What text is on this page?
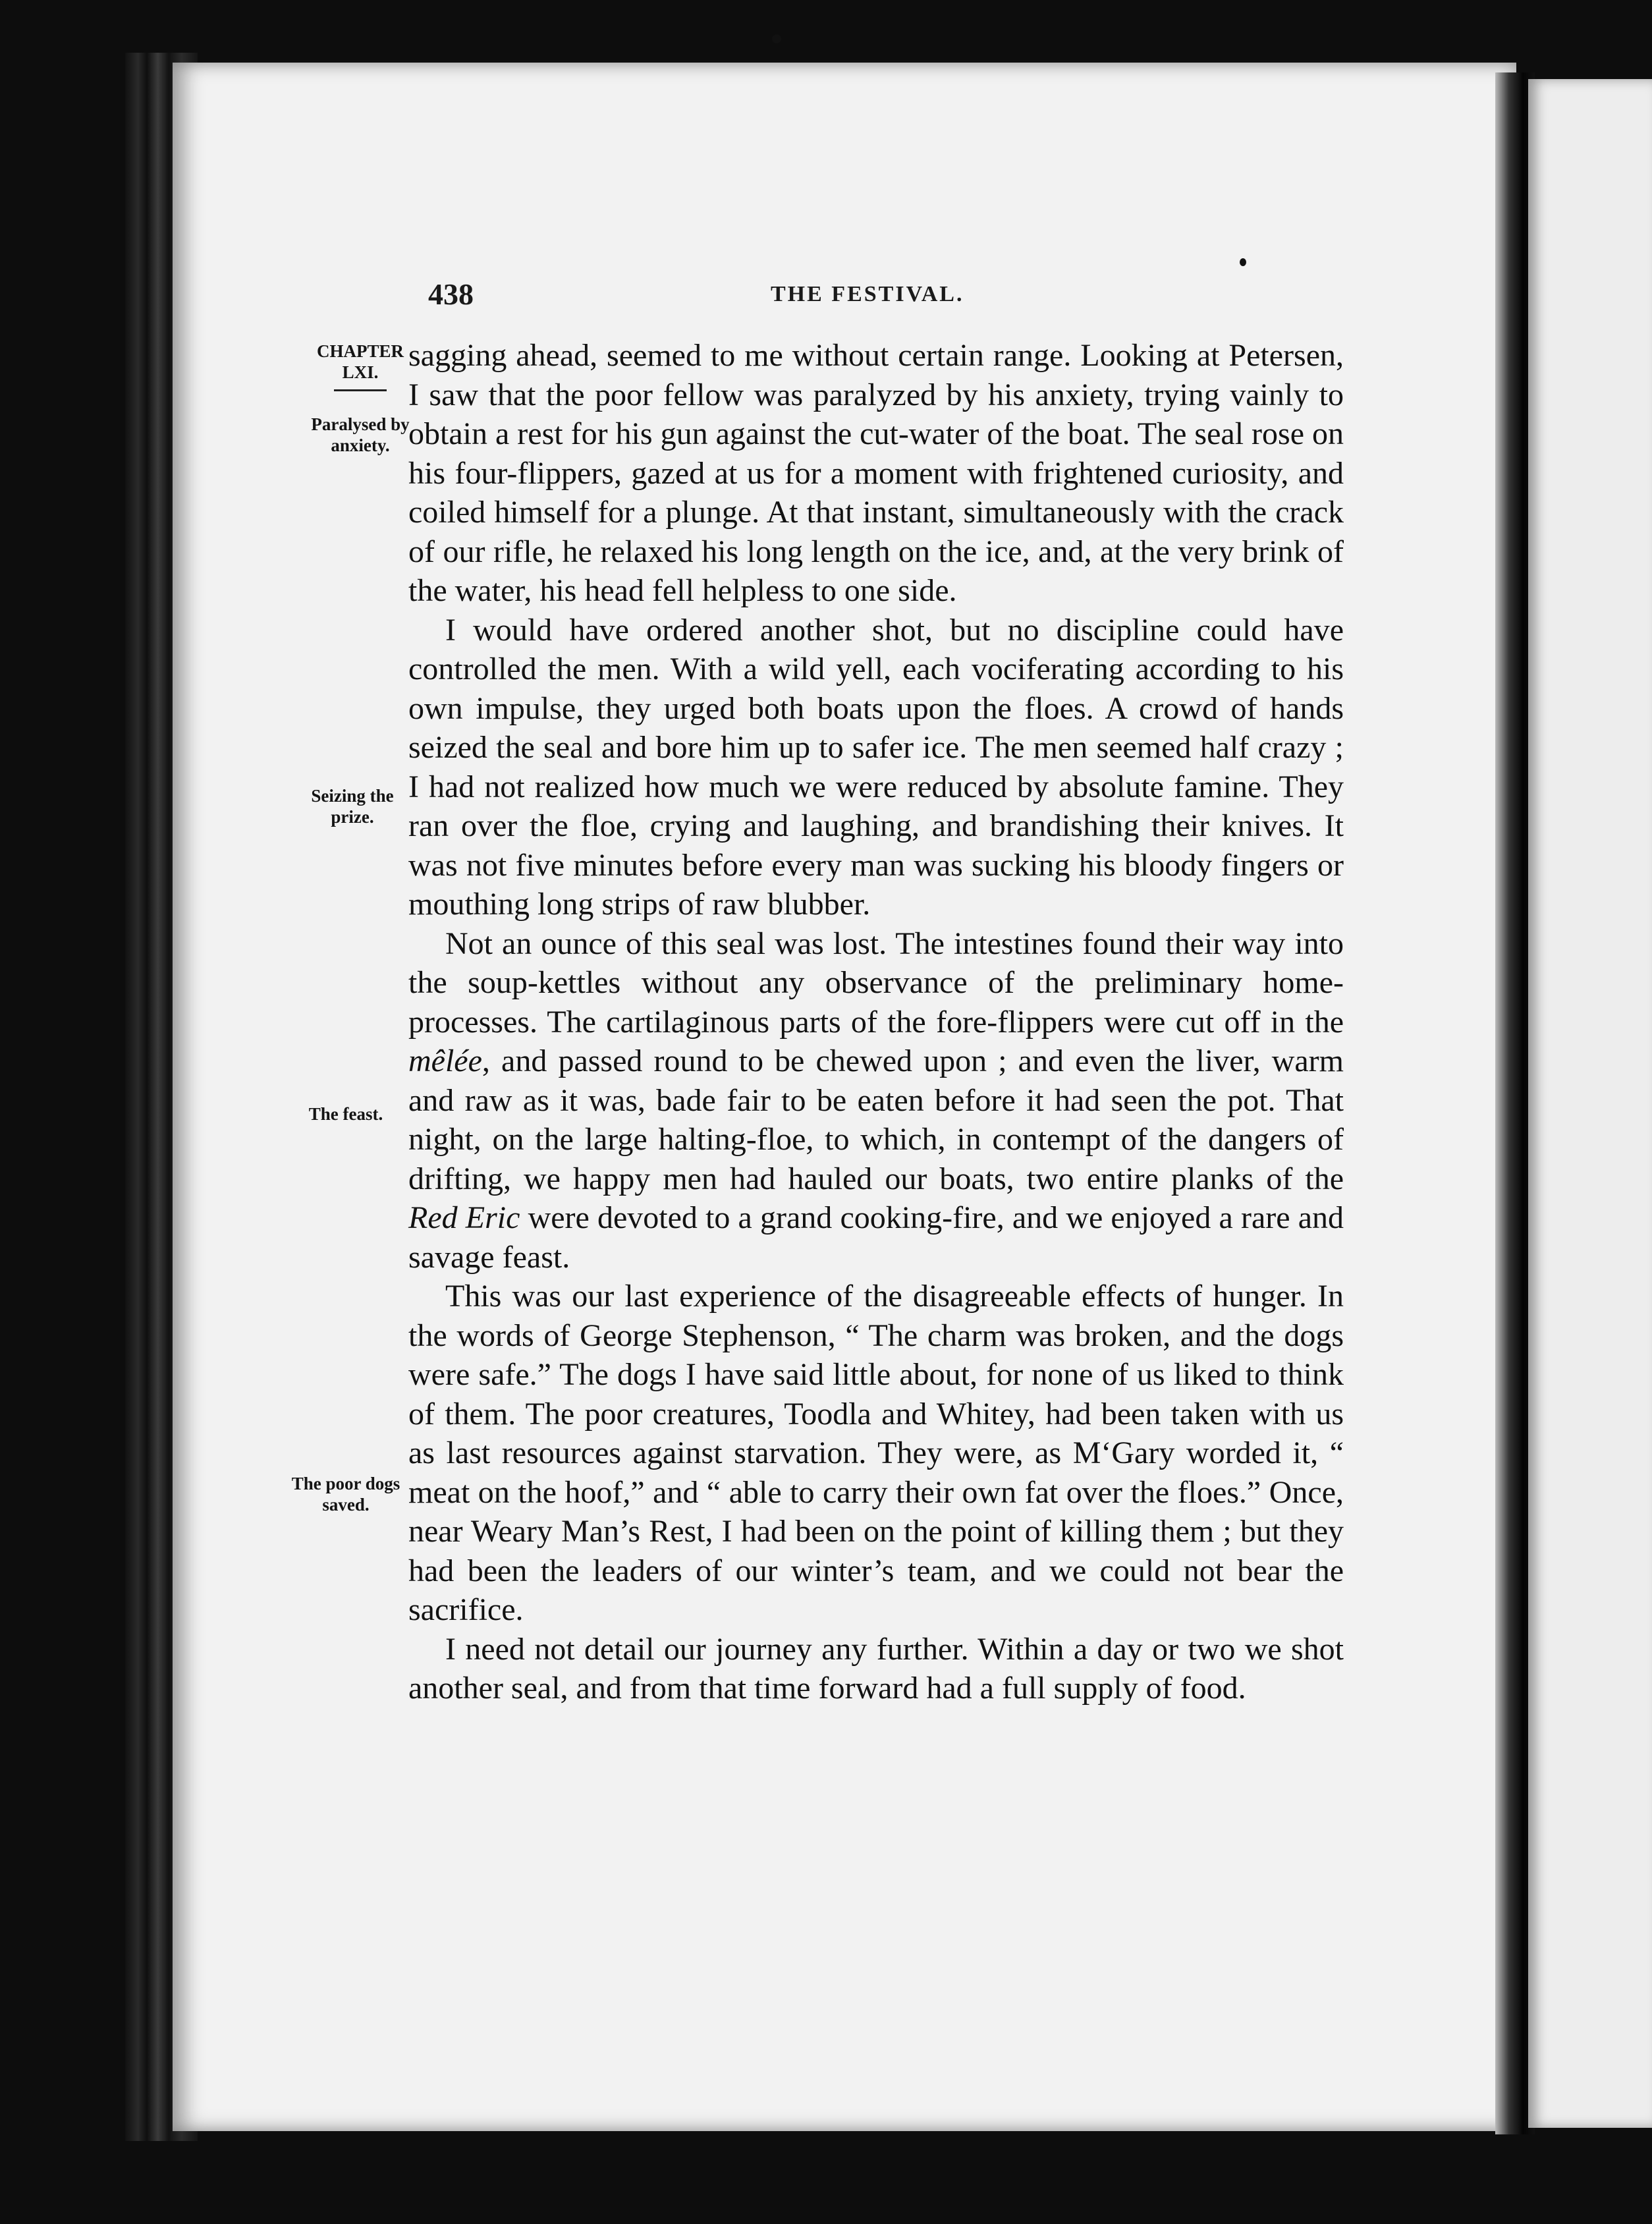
438	THE FESTIVAL.
CHAPTER
LXI.
Paralysed by anxiety.
Seizing the prize.
The feast.
The poor dogs saved.

sagging ahead, seemed to me without certain range. Looking at Petersen, I saw that the poor fellow was paralyzed by his anxiety, trying vainly to obtain a rest for his gun against the cut-water of the boat. The seal rose on his four-flippers, gazed at us for a moment with frightened curiosity, and coiled himself for a plunge. At that instant, simultaneously with the crack of our rifle, he relaxed his long length on the ice, and, at the very brink of the water, his head fell helpless to one side.

I would have ordered another shot, but no discipline could have controlled the men. With a wild yell, each vociferating according to his own impulse, they urged both boats upon the floes. A crowd of hands seized the seal and bore him up to safer ice. The men seemed half crazy ; I had not realized how much we were reduced by absolute famine. They ran over the floe, crying and laughing, and brandishing their knives. It was not five minutes before every man was sucking his bloody fingers or mouthing long strips of raw blubber.

Not an ounce of this seal was lost. The intestines found their way into the soup-kettles without any observance of the preliminary home-processes. The cartilaginous parts of the fore-flippers were cut off in the mêlée, and passed round to be chewed upon ; and even the liver, warm and raw as it was, bade fair to be eaten before it had seen the pot. That night, on the large halting-floe, to which, in contempt of the dangers of drifting, we happy men had hauled our boats, two entire planks of the Red Eric were devoted to a grand cooking-fire, and we enjoyed a rare and savage feast.

This was our last experience of the disagreeable effects of hunger. In the words of George Stephenson, “ The charm was broken, and the dogs were safe.” The dogs I have said little about, for none of us liked to think of them. The poor creatures, Toodla and Whitey, had been taken with us as last resources against starvation. They were, as M‘Gary worded it, “ meat on the hoof,” and “ able to carry their own fat over the floes.” Once, near Weary Man’s Rest, I had been on the point of killing them ; but they had been the leaders of our winter’s team, and we could not bear the sacrifice.

I need not detail our journey any further. Within a day or two we shot another seal, and from that time forward had a full supply of food.
